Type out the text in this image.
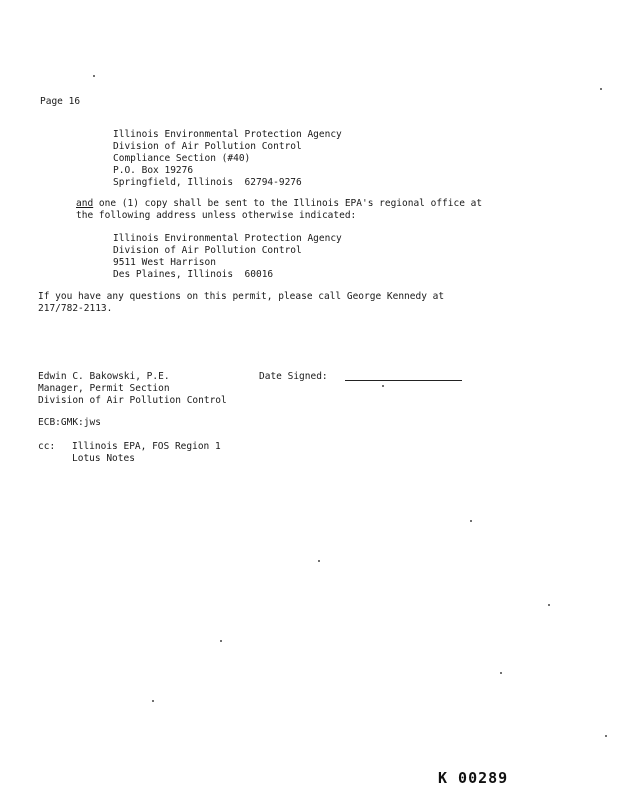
Page 16
Illinois Environmental Protection Agency
Division of Air Pollution Control
Compliance Section (#40)
P.O. Box 19276
Springfield, Illinois  62794-9276
and one (1) copy shall be sent to the Illinois EPA's regional office at
the following address unless otherwise indicated:
Illinois Environmental Protection Agency
Division of Air Pollution Control
9511 West Harrison
Des Plaines, Illinois  60016
If you have any questions on this permit, please call George Kennedy at
217/782-2113.
Edwin C. Bakowski, P.E.
Manager, Permit Section
Division of Air Pollution Control
Date Signed:
ECB:GMK:jws
cc: Illinois EPA, FOS Region 1
Lotus Notes
K 00289
